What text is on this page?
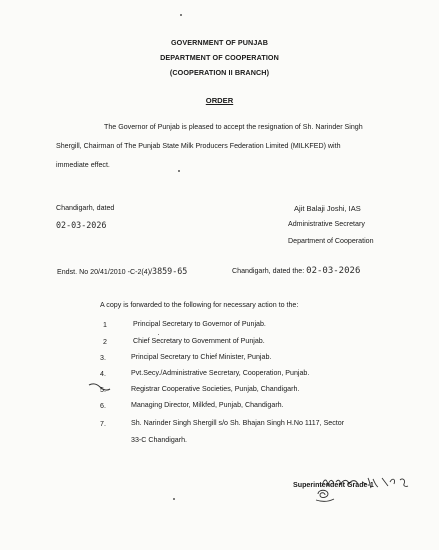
GOVERNMENT OF PUNJAB
DEPARTMENT OF COOPERATION
(COOPERATION II BRANCH)
ORDER
The Governor of Punjab is pleased to accept the resignation of Sh. Narinder Singh
Shergill, Chairman of The Punjab State Milk Producers Federation Limited (MILKFED) with
immediate effect.
Chandigarh, dated
02-03-2026
Ajit Balaji Joshi, IAS
Administrative Secretary
Department of Cooperation
Endst. No 20/41/2010 -C-2(4)/3859-65	Chandigarh, dated the: 02-03-2026
A copy is forwarded to the following for necessary action to the:
1	Principal Secretary to Governor of Punjab.
2	Chief Secretary to Government of Punjab.
3.	Principal Secretary to Chief Minister, Punjab.
4.	Pvt.Secy./Administrative Secretary, Cooperation, Punjab.
5.	Registrar Cooperative Societies, Punjab, Chandigarh.
6.	Managing Director, Milkfed, Punjab, Chandigarh.
7.	Sh. Narinder Singh Shergill s/o Sh. Bhajan Singh H.No 1117, Sector
33-C Chandigarh.
Superintendent Grade-1
